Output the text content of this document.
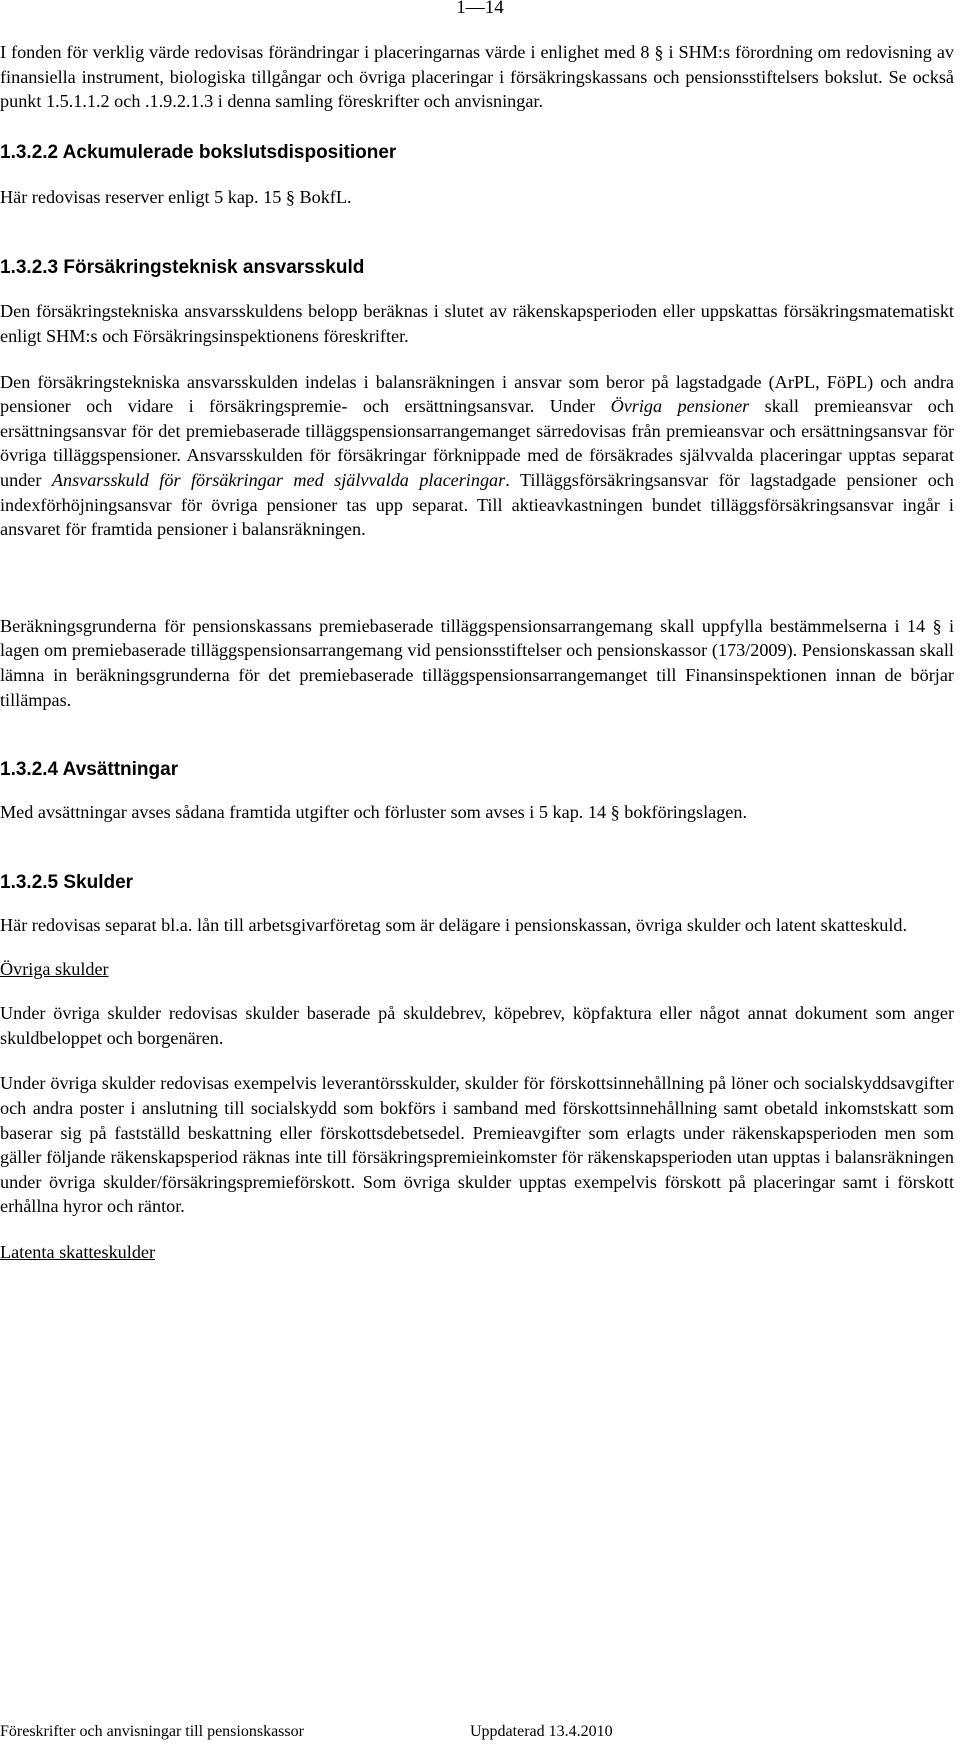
1—14

I fonden för verklig värde redovisas förändringar i placeringarnas värde i enlighet med 8 § i SHM:s förordning om redovisning av finansiella instrument, biologiska tillgångar och övriga placeringar i försäkringskassans och pensionsstiftelsers bokslut. Se också punkt 1.5.1.1.2 och .1.9.2.1.3 i denna samling föreskrifter och anvisningar.

1.3.2.2 Ackumulerade bokslutsdispositioner

Här redovisas reserver enligt 5 kap. 15 § BokfL.

1.3.2.3 Försäkringsteknisk ansvarsskuld

Den försäkringstekniska ansvarsskuldens belopp beräknas i slutet av räkenskapsperioden eller uppskattas försäkringsmatematiskt enligt SHM:s och Försäkringsinspektionens föreskrifter.

Den försäkringstekniska ansvarsskulden indelas i balansräkningen i ansvar som beror på lagstadgade (ArPL, FöPL) och andra pensioner och vidare i försäkringspremie- och ersättningsansvar. Under Övriga pensioner skall premieansvar och ersättningsansvar för det premiebaserade tilläggspensionsarrangemanget särredovisas från premieansvar och ersättningsansvar för övriga tilläggspensioner. Ansvarsskulden för försäkringar förknippade med de försäkrades självvalda placeringar upptas separat under Ansvarsskuld för försäkringar med självvalda placeringar. Tilläggsförsäkringsansvar för lagstadgade pensioner och indexförhöjningsansvar för övriga pensioner tas upp separat. Till aktieavkastningen bundet tilläggsförsäkringsansvar ingår i ansvaret för framtida pensioner i balansräkningen.

Beräkningsgrunderna för pensionskassans premiebaserade tilläggspensionsarrangemang skall uppfylla bestämmelserna i 14 § i lagen om premiebaserade tilläggspensionsarrangemang vid pensionsstiftelser och pensionskassor (173/2009). Pensionskassan skall lämna in beräkningsgrunderna för det premiebaserade tilläggspensionsarrangemanget till Finansinspektionen innan de börjar tillämpas.

1.3.2.4 Avsättningar

Med avsättningar avses sådana framtida utgifter och förluster som avses i 5 kap. 14 § bokföringslagen.

1.3.2.5 Skulder

Här redovisas separat bl.a. lån till arbetsgivarföretag som är delägare i pensionskassan, övriga skulder och latent skatteskuld.

Övriga skulder

Under övriga skulder redovisas skulder baserade på skuldebrev, köpebrev, köpfaktura eller något annat dokument som anger skuldbeloppet och borgenären.

Under övriga skulder redovisas exempelvis leverantörsskulder, skulder för förskottsinnehållning på löner och socialskyddsavgifter och andra poster i anslutning till socialskydd som bokförs i samband med förskottsinnehållning samt obetald inkomstskatt som baserar sig på fastställd beskattning eller förskottsdebetsedel. Premieavgifter som erlagts under räkenskapsperioden men som gäller följande räkenskapsperiod räknas inte till försäkringspremieinkomster för räkenskapsperioden utan upptas i balansräkningen under övriga skulder/försäkringspremieförskott. Som övriga skulder upptas exempelvis förskott på placeringar samt i förskott erhållna hyror och räntor.

Latenta skatteskulder
Föreskrifter och anvisningar till pensionskassor	Uppdaterad 13.4.2010
